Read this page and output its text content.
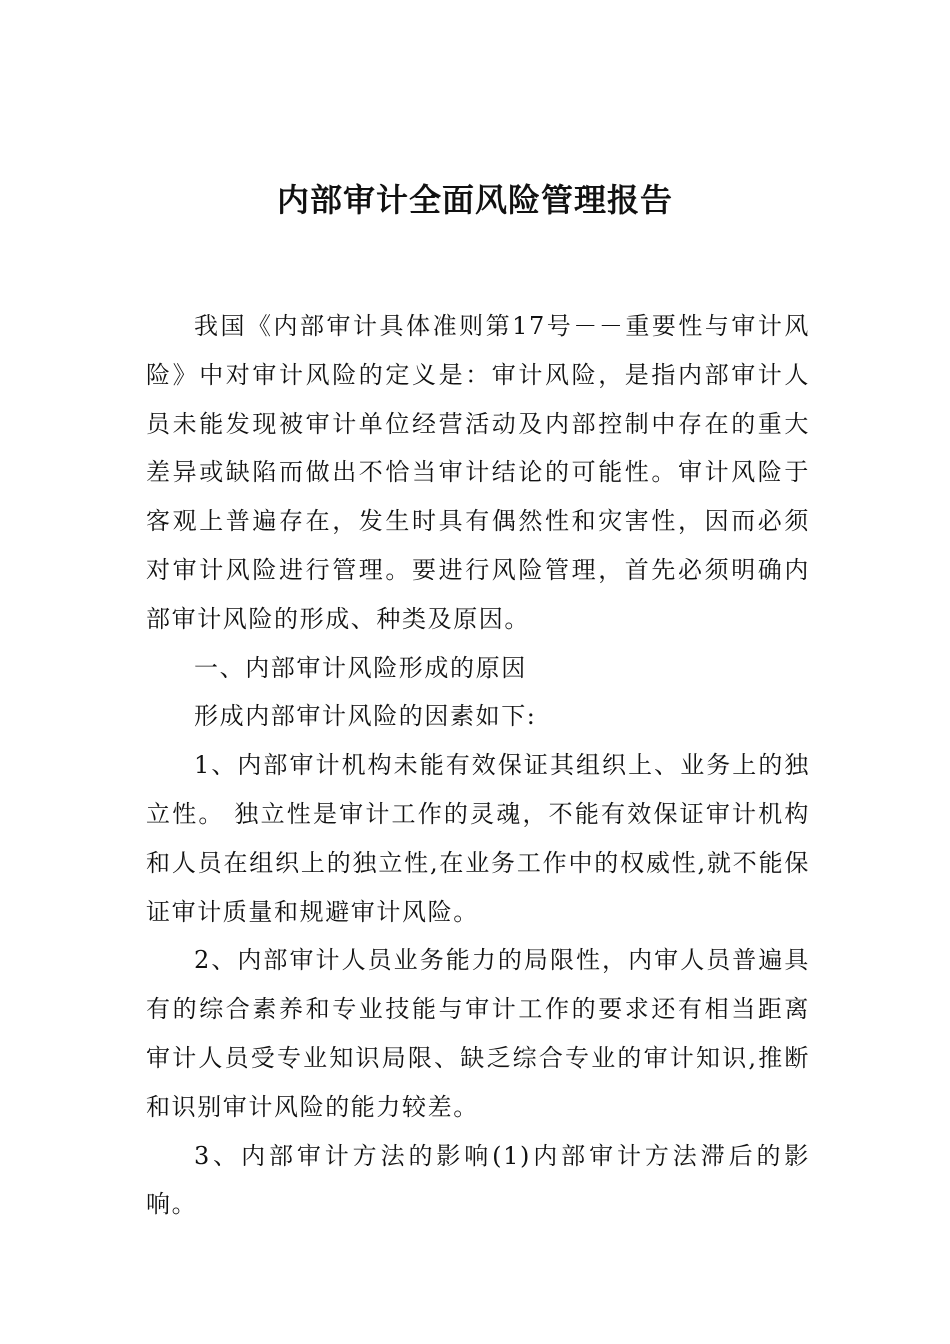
内部审计全面风险管理报告

我国《内部审计具体准则第17号－－重要性与审计风险》中对审计风险的定义是：审计风险，是指内部审计人员未能发现被审计单位经营活动及内部控制中存在的重大差异或缺陷而做出不恰当审计结论的可能性。审计风险于客观上普遍存在，发生时具有偶然性和灾害性，因而必须对审计风险进行管理。要进行风险管理，首先必须明确内部审计风险的形成、种类及原因。

一、内部审计风险形成的原因

形成内部审计风险的因素如下:

1、内部审计机构未能有效保证其组织上、业务上的独立性。 独立性是审计工作的灵魂，不能有效保证审计机构和人员在组织上的独立性,在业务工作中的权威性,就不能保证审计质量和规避审计风险。

2、内部审计人员业务能力的局限性，内审人员普遍具有的综合素养和专业技能与审计工作的要求还有相当距离审计人员受专业知识局限、缺乏综合专业的审计知识,推断和识别审计风险的能力较差。

3、内部审计方法的影响(1)内部审计方法滞后的影响。
